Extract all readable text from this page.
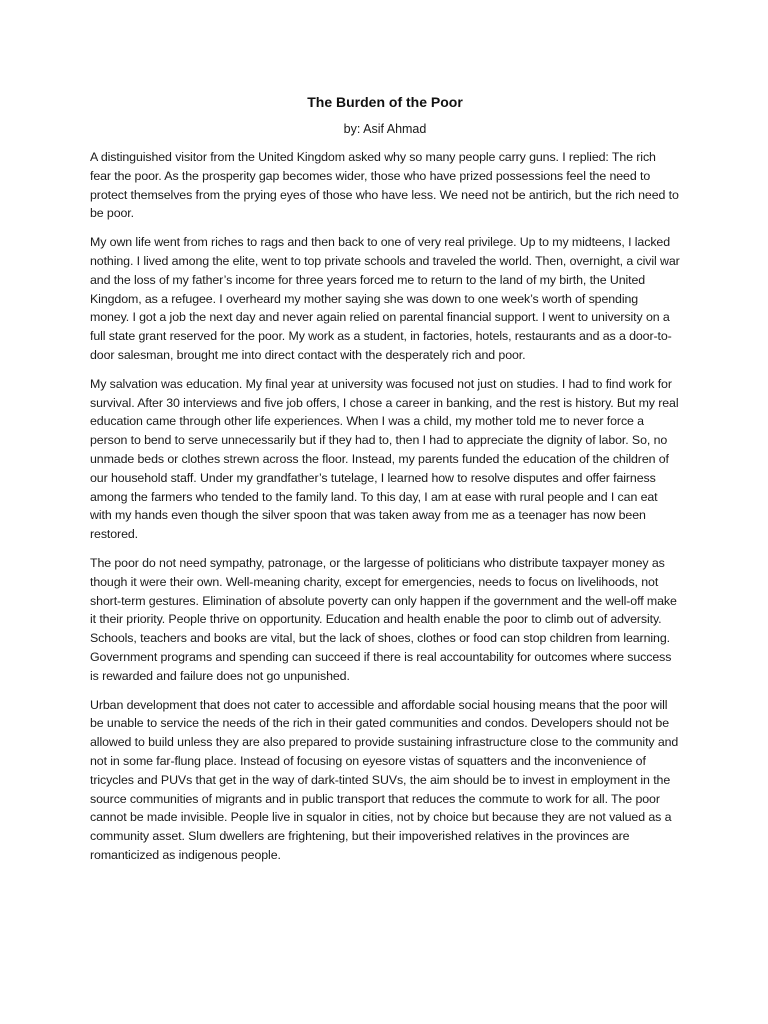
The Burden of the Poor

by: Asif Ahmad

A distinguished visitor from the United Kingdom asked why so many people carry guns. I replied: The rich fear the poor. As the prosperity gap becomes wider, those who have prized possessions feel the need to protect themselves from the prying eyes of those who have less. We need not be antirich, but the rich need to be poor.

My own life went from riches to rags and then back to one of very real privilege. Up to my midteens, I lacked nothing. I lived among the elite, went to top private schools and traveled the world. Then, overnight, a civil war and the loss of my father’s income for three years forced me to return to the land of my birth, the United Kingdom, as a refugee. I overheard my mother saying she was down to one week’s worth of spending money. I got a job the next day and never again relied on parental financial support. I went to university on a full state grant reserved for the poor. My work as a student, in factories, hotels, restaurants and as a door-to-door salesman, brought me into direct contact with the desperately rich and poor.

My salvation was education. My final year at university was focused not just on studies. I had to find work for survival. After 30 interviews and five job offers, I chose a career in banking, and the rest is history. But my real education came through other life experiences. When I was a child, my mother told me to never force a person to bend to serve unnecessarily but if they had to, then I had to appreciate the dignity of labor. So, no unmade beds or clothes strewn across the floor. Instead, my parents funded the education of the children of our household staff. Under my grandfather’s tutelage, I learned how to resolve disputes and offer fairness among the farmers who tended to the family land. To this day, I am at ease with rural people and I can eat with my hands even though the silver spoon that was taken away from me as a teenager has now been restored.

The poor do not need sympathy, patronage, or the largesse of politicians who distribute taxpayer money as though it were their own. Well-meaning charity, except for emergencies, needs to focus on livelihoods, not short-term gestures. Elimination of absolute poverty can only happen if the government and the well-off make it their priority. People thrive on opportunity. Education and health enable the poor to climb out of adversity. Schools, teachers and books are vital, but the lack of shoes, clothes or food can stop children from learning. Government programs and spending can succeed if there is real accountability for outcomes where success is rewarded and failure does not go unpunished.

Urban development that does not cater to accessible and affordable social housing means that the poor will be unable to service the needs of the rich in their gated communities and condos. Developers should not be allowed to build unless they are also prepared to provide sustaining infrastructure close to the community and not in some far-flung place. Instead of focusing on eyesore vistas of squatters and the inconvenience of tricycles and PUVs that get in the way of dark-tinted SUVs, the aim should be to invest in employment in the source communities of migrants and in public transport that reduces the commute to work for all. The poor cannot be made invisible. People live in squalor in cities, not by choice but because they are not valued as a community asset. Slum dwellers are frightening, but their impoverished relatives in the provinces are romanticized as indigenous people.
